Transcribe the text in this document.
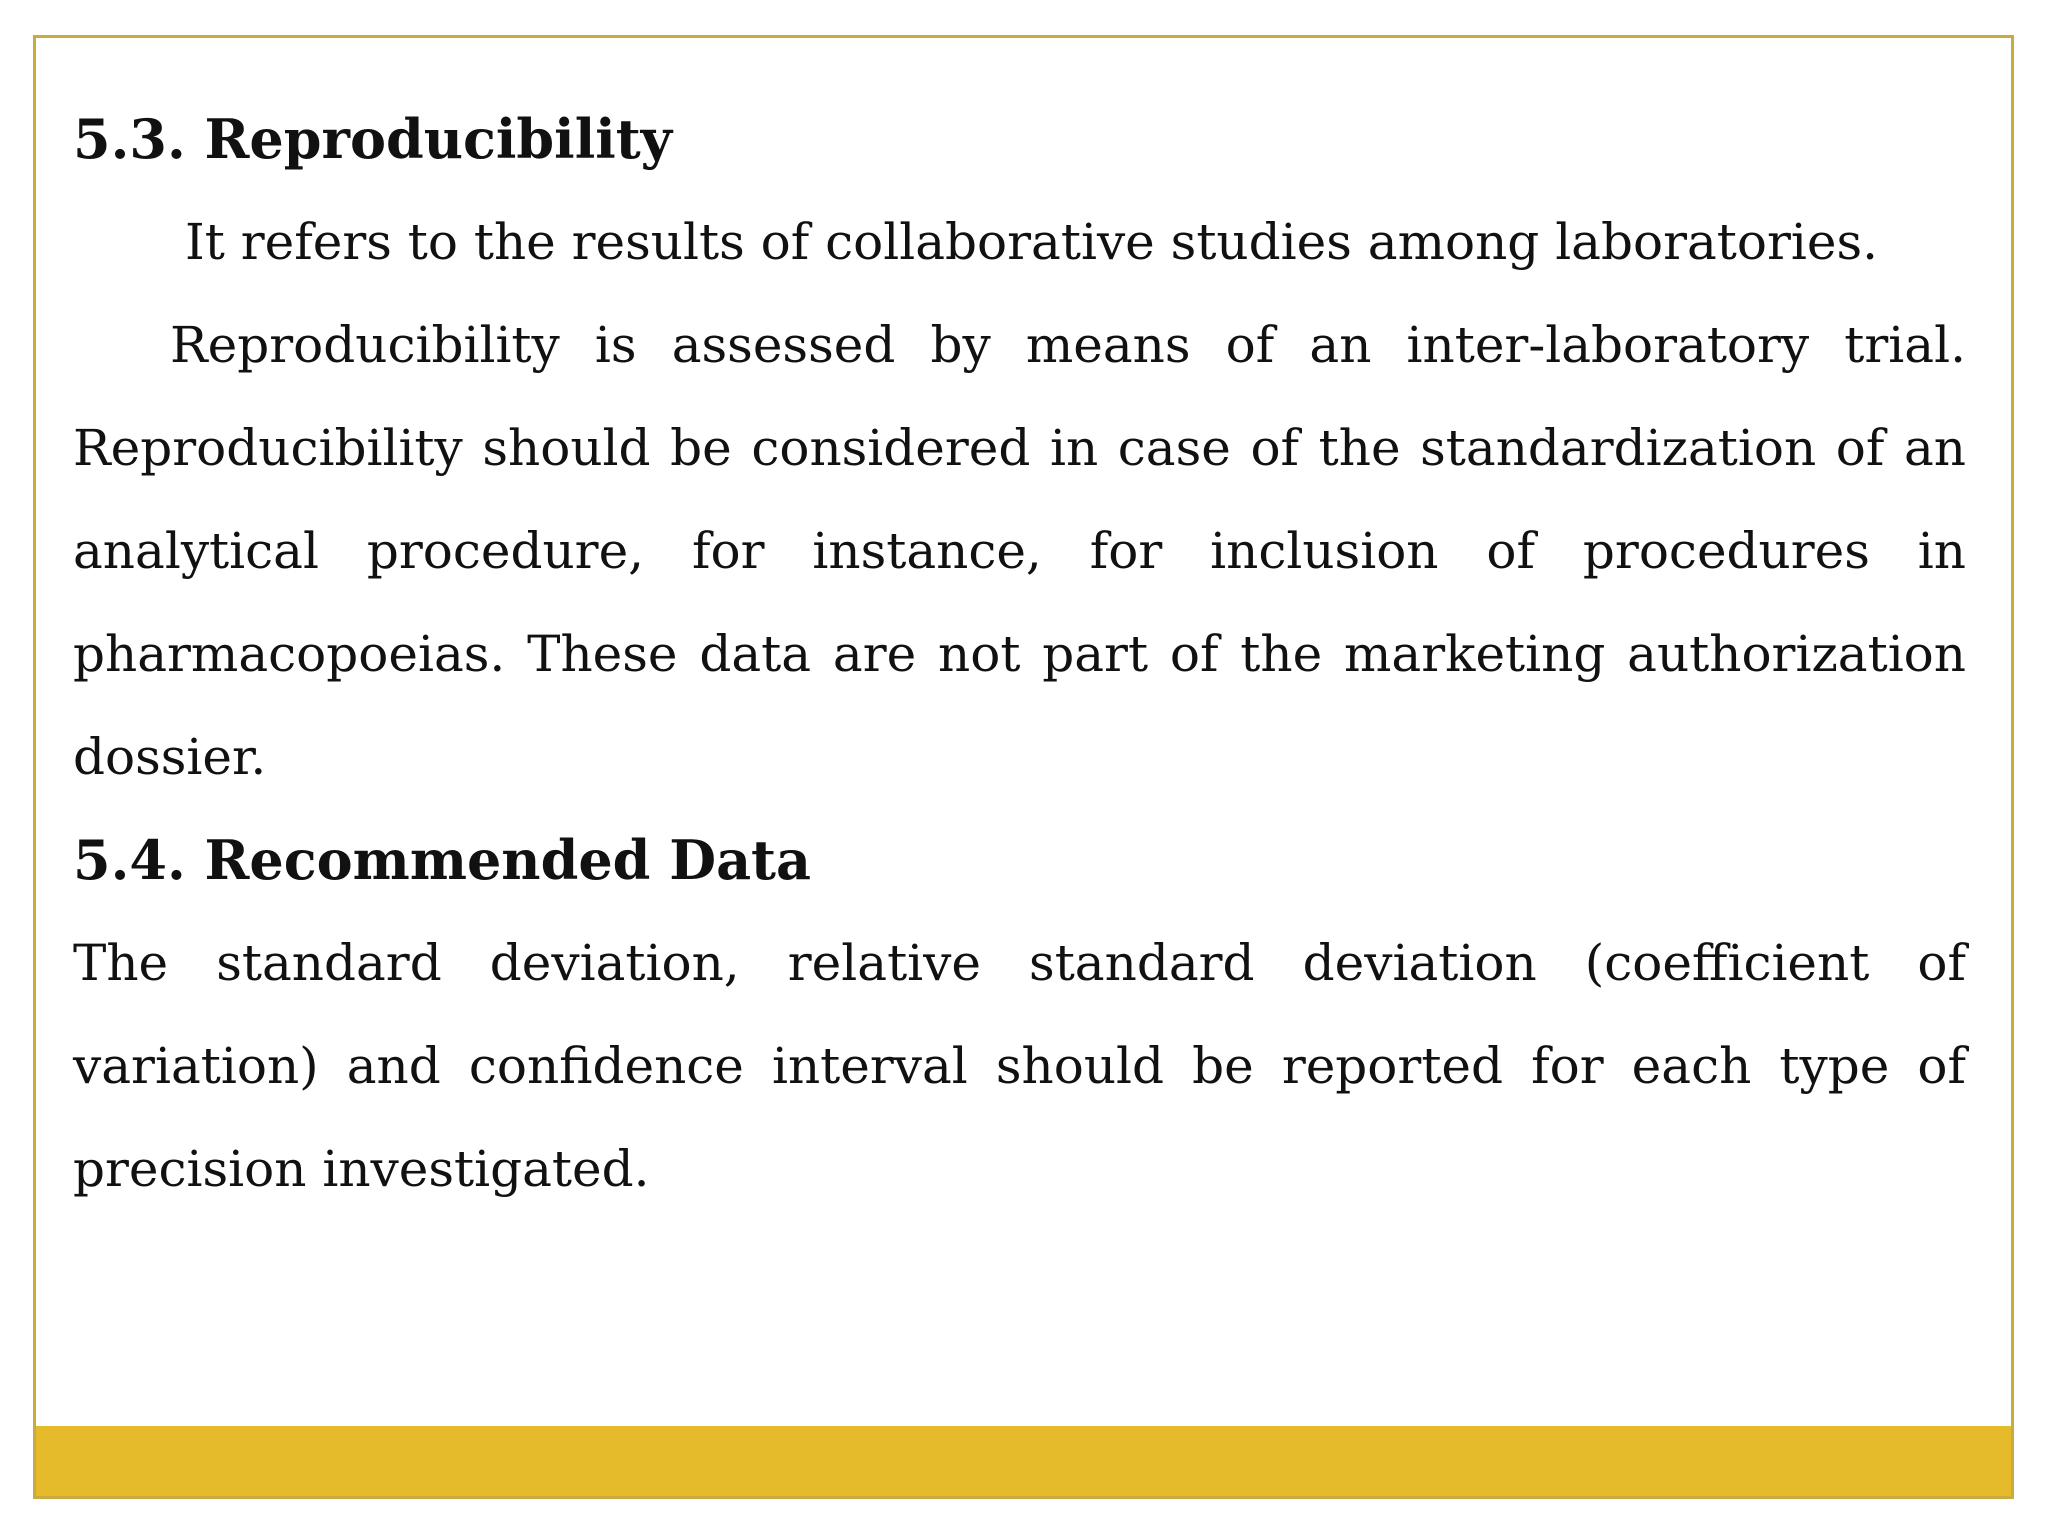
5.3. Reproducibility

It refers to the results of collaborative studies among laboratories.

Reproducibility is assessed by means of an inter-laboratory trial. Reproducibility should be considered in case of the standardization of an analytical procedure, for instance, for inclusion of procedures in pharmacopoeias. These data are not part of the marketing authorization dossier.

5.4. Recommended Data

The standard deviation, relative standard deviation (coefficient of variation) and confidence interval should be reported for each type of precision investigated.
